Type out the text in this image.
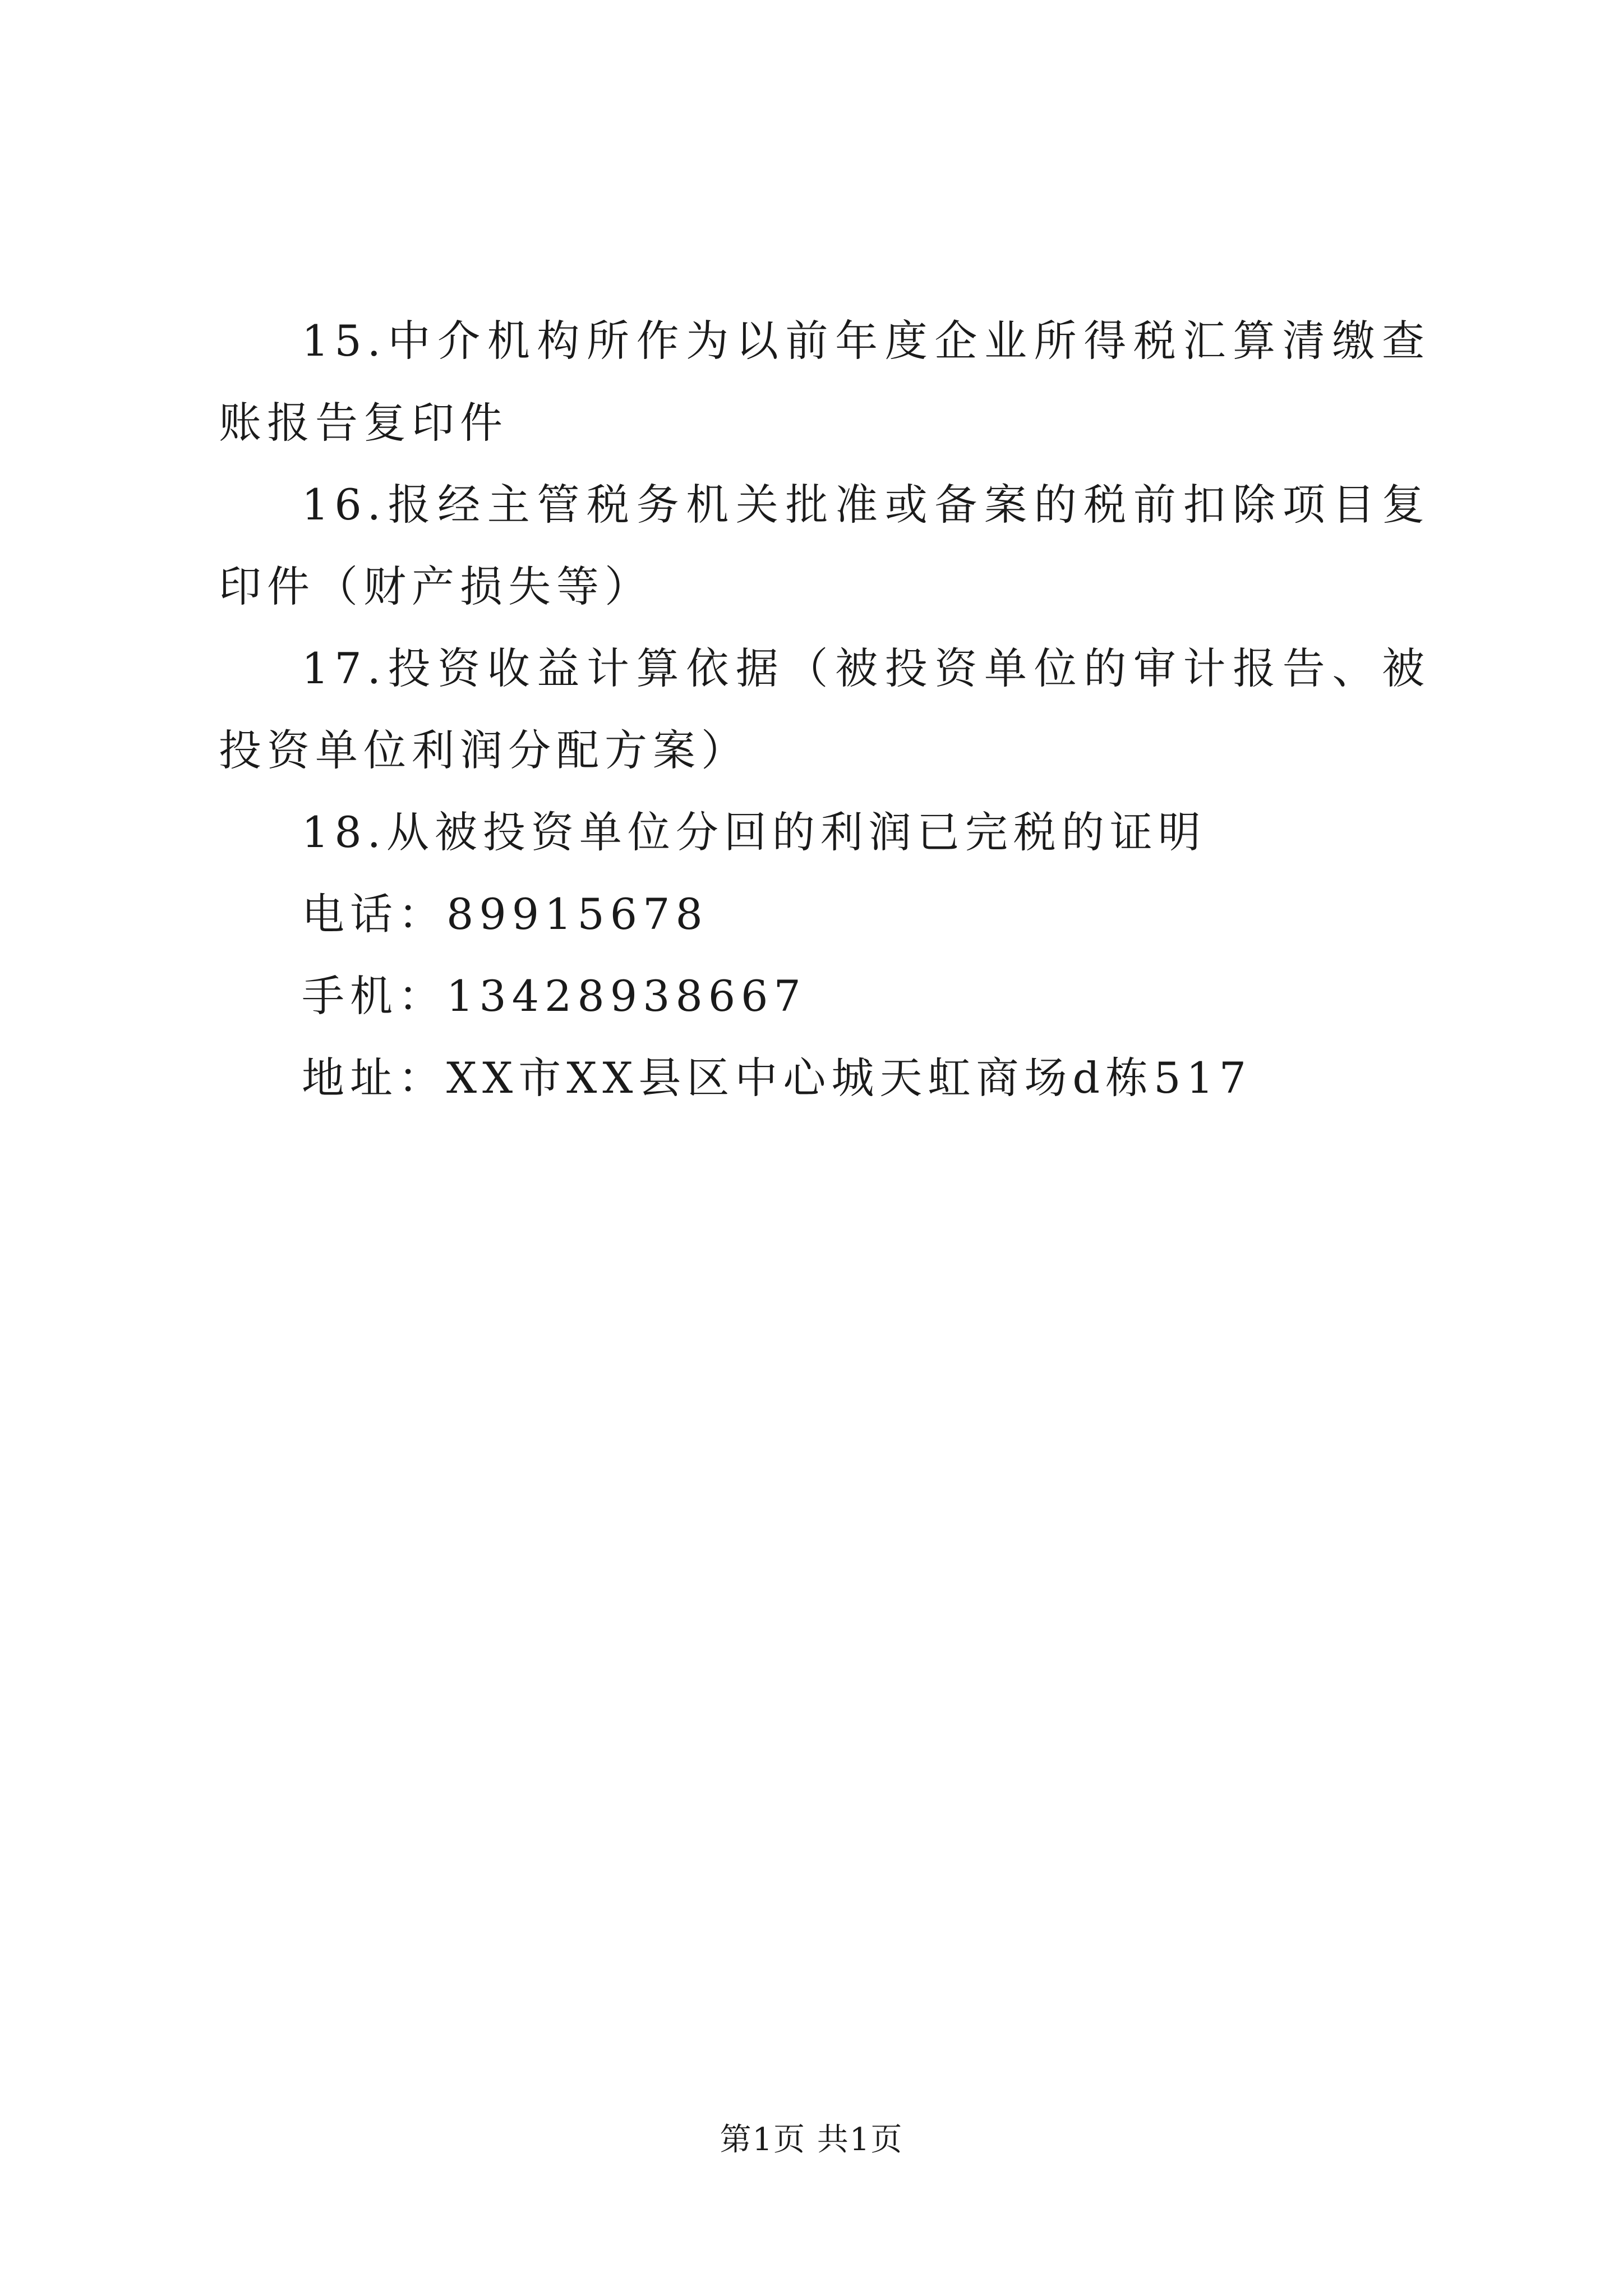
15.中介机构所作为以前年度企业所得税汇算清缴查账报告复印件

16.报经主管税务机关批准或备案的税前扣除项目复印件（财产损失等）

17.投资收益计算依据（被投资单位的审计报告、被投资单位利润分配方案）

18.从被投资单位分回的利润已完税的证明

电话：89915678

手机：13428938667

地址：XX市XX县区中心城天虹商场d栋517

第1页 共1页
